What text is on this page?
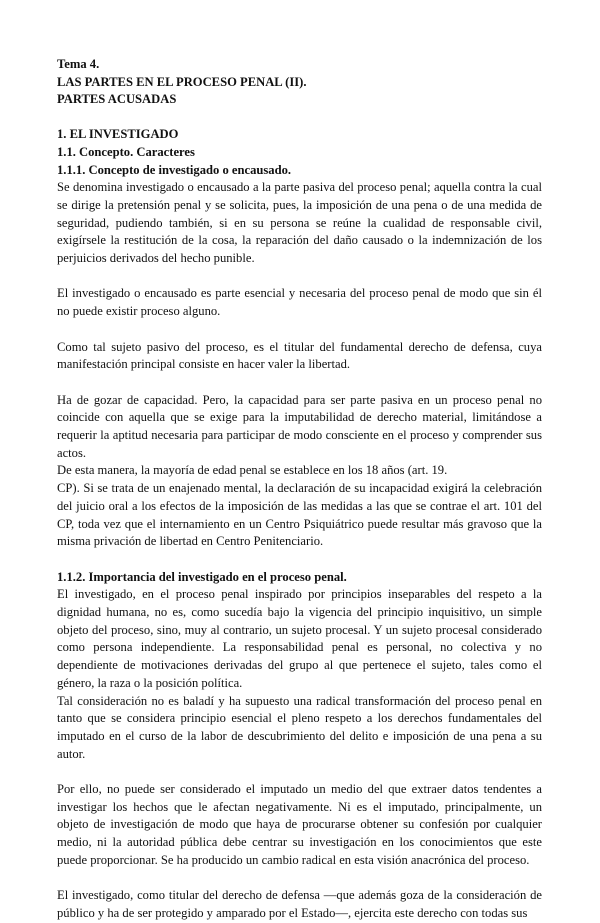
Tema 4.
LAS PARTES EN EL PROCESO PENAL (II).
PARTES ACUSADAS
1. EL INVESTIGADO
1.1. Concepto. Caracteres
1.1.1. Concepto de investigado o encausado.

Se denomina investigado o encausado a la parte pasiva del proceso penal; aquella contra la cual se dirige la pretensión penal y se solicita, pues, la imposición de una pena o de una medida de seguridad, pudiendo también, si en su persona se reúne la cualidad de responsable civil, exigírsele la restitución de la cosa, la reparación del daño causado o la indemnización de los perjuicios derivados del hecho punible.

El investigado o encausado es parte esencial y necesaria del proceso penal de modo que sin él no puede existir proceso alguno.

Como tal sujeto pasivo del proceso, es el titular del fundamental derecho de defensa, cuya manifestación principal consiste en hacer valer la libertad.

Ha de gozar de capacidad. Pero, la capacidad para ser parte pasiva en un proceso penal no coincide con aquella que se exige para la imputabilidad de derecho material, limitándose a requerir la aptitud necesaria para participar de modo consciente en el proceso y comprender sus actos.

De esta manera, la mayoría de edad penal se establece en los 18 años (art. 19.

CP). Si se trata de un enajenado mental, la declaración de su incapacidad exigirá la celebración del juicio oral a los efectos de la imposición de las medidas a las que se contrae el art. 101 del CP, toda vez que el internamiento en un Centro Psiquiátrico puede resultar más gravoso que la misma privación de libertad en Centro Penitenciario.

1.1.2. Importancia del investigado en el proceso penal.

El investigado, en el proceso penal inspirado por principios inseparables del respeto a la dignidad humana, no es, como sucedía bajo la vigencia del principio inquisitivo, un simple objeto del proceso, sino, muy al contrario, un sujeto procesal. Y un sujeto procesal considerado como persona independiente. La responsabilidad penal es personal, no colectiva y no dependiente de motivaciones derivadas del grupo al que pertenece el sujeto, tales como el género, la raza o la posición política.

Tal consideración no es baladí y ha supuesto una radical transformación del proceso penal en tanto que se considera principio esencial el pleno respeto a los derechos fundamentales del imputado en el curso de la labor de descubrimiento del delito e imposición de una pena a su autor.

Por ello, no puede ser considerado el imputado un medio del que extraer datos tendentes a investigar los hechos que le afectan negativamente. Ni es el imputado, principalmente, un objeto de investigación de modo que haya de procurarse obtener su confesión por cualquier medio, ni la autoridad pública debe centrar su investigación en los conocimientos que este puede proporcionar. Se ha producido un cambio radical en esta visión anacrónica del proceso.

El investigado, como titular del derecho de defensa —que además goza de la consideración de público y ha de ser protegido y amparado por el Estado—, ejercita este derecho con todas sus
